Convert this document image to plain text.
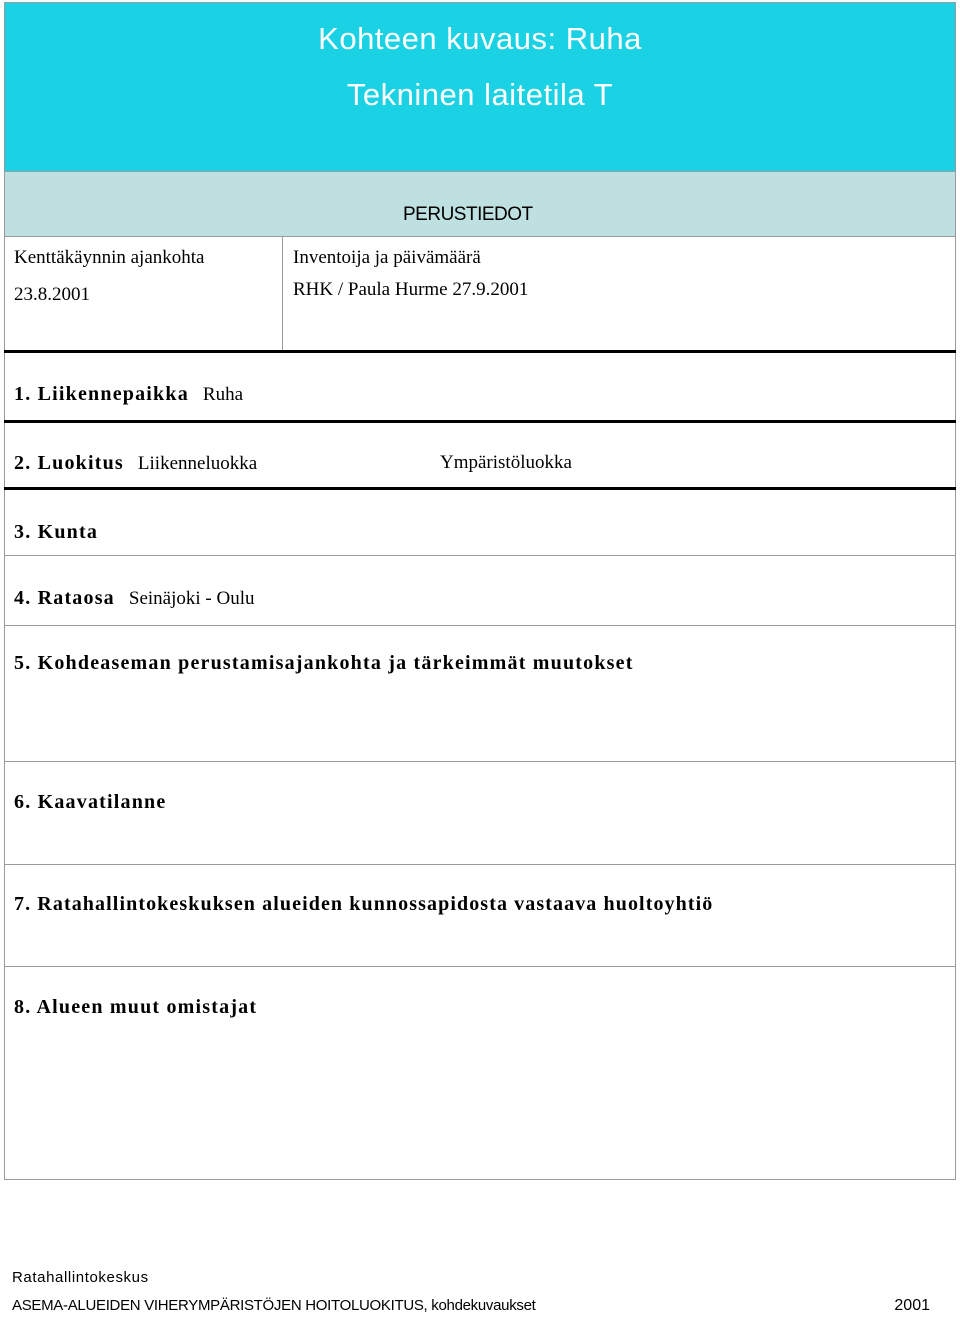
Kohteen kuvaus: Ruha
Tekninen laitetila T
PERUSTIEDOT
Kenttäkäynnin ajankohta
23.8.2001
Inventoija ja päivämäärä
RHK / Paula Hurme 27.9.2001
1. Liikennepaikka Ruha
2. Luokitus Liikenneluokka	Ympäristöluokka
3. Kunta
4. Rataosa Seinäjoki - Oulu
5. Kohdeaseman perustamisajankohta ja tärkeimmät muutokset
6. Kaavatilanne
7. Ratahallintokeskuksen alueiden kunnossapidosta vastaava huoltoyhtiö
8. Alueen muut omistajat
Ratahallintokeskus
ASEMA-ALUEIDEN VIHERYMPÄRISTÖJEN HOITOLUOKITUS, kohdekuvaukset	2001
